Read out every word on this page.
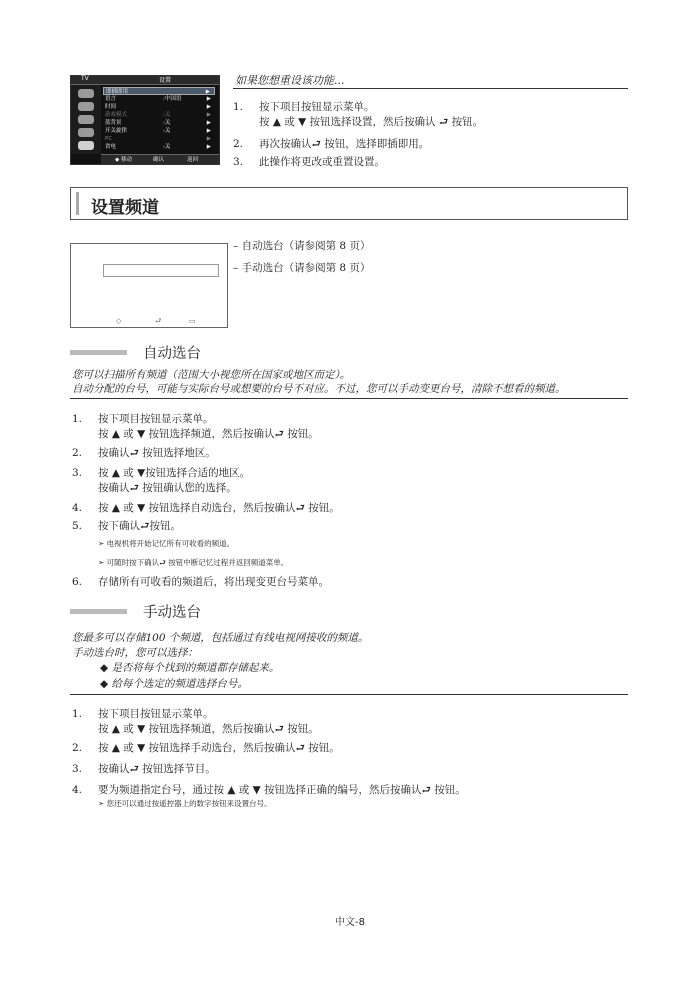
TV	设置
即插即用	▶
语言	:中国语	▶
时间	▶
游戏模式	:关	▶
蓝背景	:关	▶
开关旋律	:关	▶
PC	▶
省电	:关	▶
◆ 移动	确认	返回
如果您想重设该功能...
1. 按下项目按钮显示菜单。
按 ▲ 或 ▼ 按钮选择设置，然后按确认 ⮐ 按钮。
2. 再次按确认⮐ 按钮，选择即插即用。
3. 此操作将更改或重置设置。
设置频道
◇	⮐	▭
– 自动选台（请参阅第 8 页）
– 手动选台（请参阅第 8 页）
自动选台
您可以扫描所有频道（范围大小视您所在国家或地区而定）。
自动分配的台号，可能与实际台号或想要的台号不对应。不过，您可以手动变更台号，清除不想看的频道。
1. 按下项目按钮显示菜单。
按 ▲ 或 ▼ 按钮选择频道，然后按确认⮐ 按钮。
2. 按确认⮐ 按钮选择地区。
3. 按 ▲ 或 ▼按钮选择合适的地区。
按确认⮐ 按钮确认您的选择。
4. 按 ▲ 或 ▼ 按钮选择自动选台，然后按确认⮐ 按钮。
5. 按下确认⮐按钮。
➣ 电视机将开始记忆所有可收看的频道。
➣ 可随时按下确认⮐ 按钮中断记忆过程并返回频道菜单。
6. 存储所有可收看的频道后，将出现变更台号菜单。
手动选台
您最多可以存储100 个频道，包括通过有线电视网接收的频道。
手动选台时，您可以选择：
◆ 是否将每个找到的频道都存储起来。
◆ 给每个选定的频道选择台号。
1. 按下项目按钮显示菜单。
按 ▲ 或 ▼ 按钮选择频道，然后按确认⮐ 按钮。
2. 按 ▲ 或 ▼ 按钮选择手动选台，然后按确认⮐ 按钮。
3. 按确认⮐ 按钮选择节目。
4. 要为频道指定台号，通过按 ▲ 或 ▼ 按钮选择正确的编号，然后按确认⮐ 按钮。
➣ 您还可以通过按遥控器上的数字按钮来设置台号。
中文-8
